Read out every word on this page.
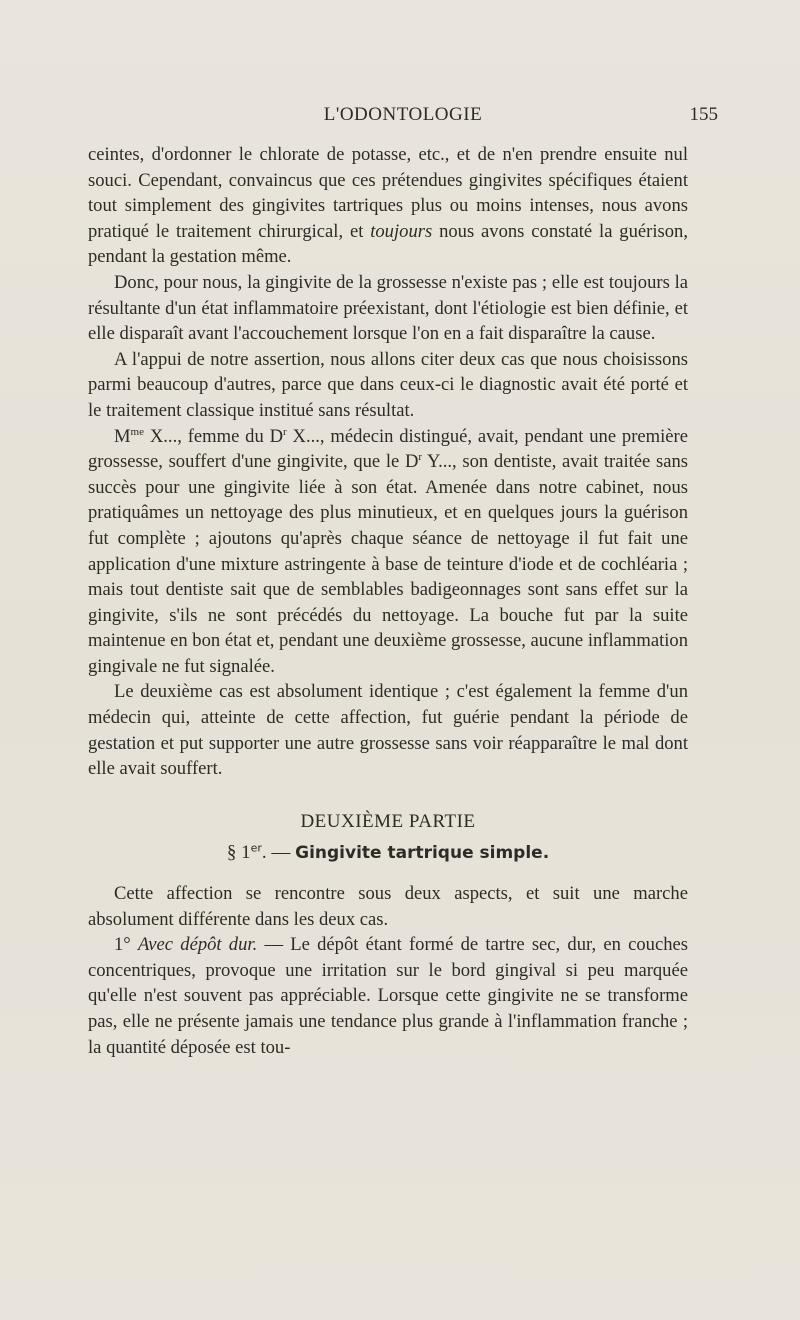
L'ODONTOLOGIE	155

ceintes, d'ordonner le chlorate de potasse, etc., et de n'en prendre ensuite nul souci. Cependant, convaincus que ces prétendues gingivites spécifiques étaient tout simplement des gingivites tartriques plus ou moins intenses, nous avons pratiqué le traitement chirurgical, et toujours nous avons constaté la guérison, pendant la gestation même.

Donc, pour nous, la gingivite de la grossesse n'existe pas ; elle est toujours la résultante d'un état inflammatoire préexistant, dont l'étiologie est bien définie, et elle disparaît avant l'accouchement lorsque l'on en a fait disparaître la cause.

A l'appui de notre assertion, nous allons citer deux cas que nous choisissons parmi beaucoup d'autres, parce que dans ceux-ci le diagnostic avait été porté et le traitement classique institué sans résultat.

$M^{me}$ X..., femme du $D^r$ X..., médecin distingué, avait, pendant une première grossesse, souffert d'une gingivite, que le $D^r$ Y..., son dentiste, avait traitée sans succès pour une gingivite liée à son état. Amenée dans notre cabinet, nous pratiquâmes un nettoyage des plus minutieux, et en quelques jours la guérison fut complète ; ajoutons qu'après chaque séance de nettoyage il fut fait une application d'une mixture astringente à base de teinture d'iode et de cochléaria ; mais tout dentiste sait que de semblables badigeonnages sont sans effet sur la gingivite, s'ils ne sont précédés du nettoyage. La bouche fut par la suite maintenue en bon état et, pendant une deuxième grossesse, aucune inflammation gingivale ne fut signalée.

Le deuxième cas est absolument identique ; c'est également la femme d'un médecin qui, atteinte de cette affection, fut guérie pendant la période de gestation et put supporter une autre grossesse sans voir réapparaître le mal dont elle avait souffert.

DEUXIÈME PARTIE

§ 1er. — Gingivite tartrique simple.

Cette affection se rencontre sous deux aspects, et suit une marche absolument différente dans les deux cas.

1° Avec dépôt dur. — Le dépôt étant formé de tartre sec, dur, en couches concentriques, provoque une irritation sur le bord gingival si peu marquée qu'elle n'est souvent pas appréciable. Lorsque cette gingivite ne se transforme pas, elle ne présente jamais une tendance plus grande à l'inflammation franche ; la quantité déposée est tou-
